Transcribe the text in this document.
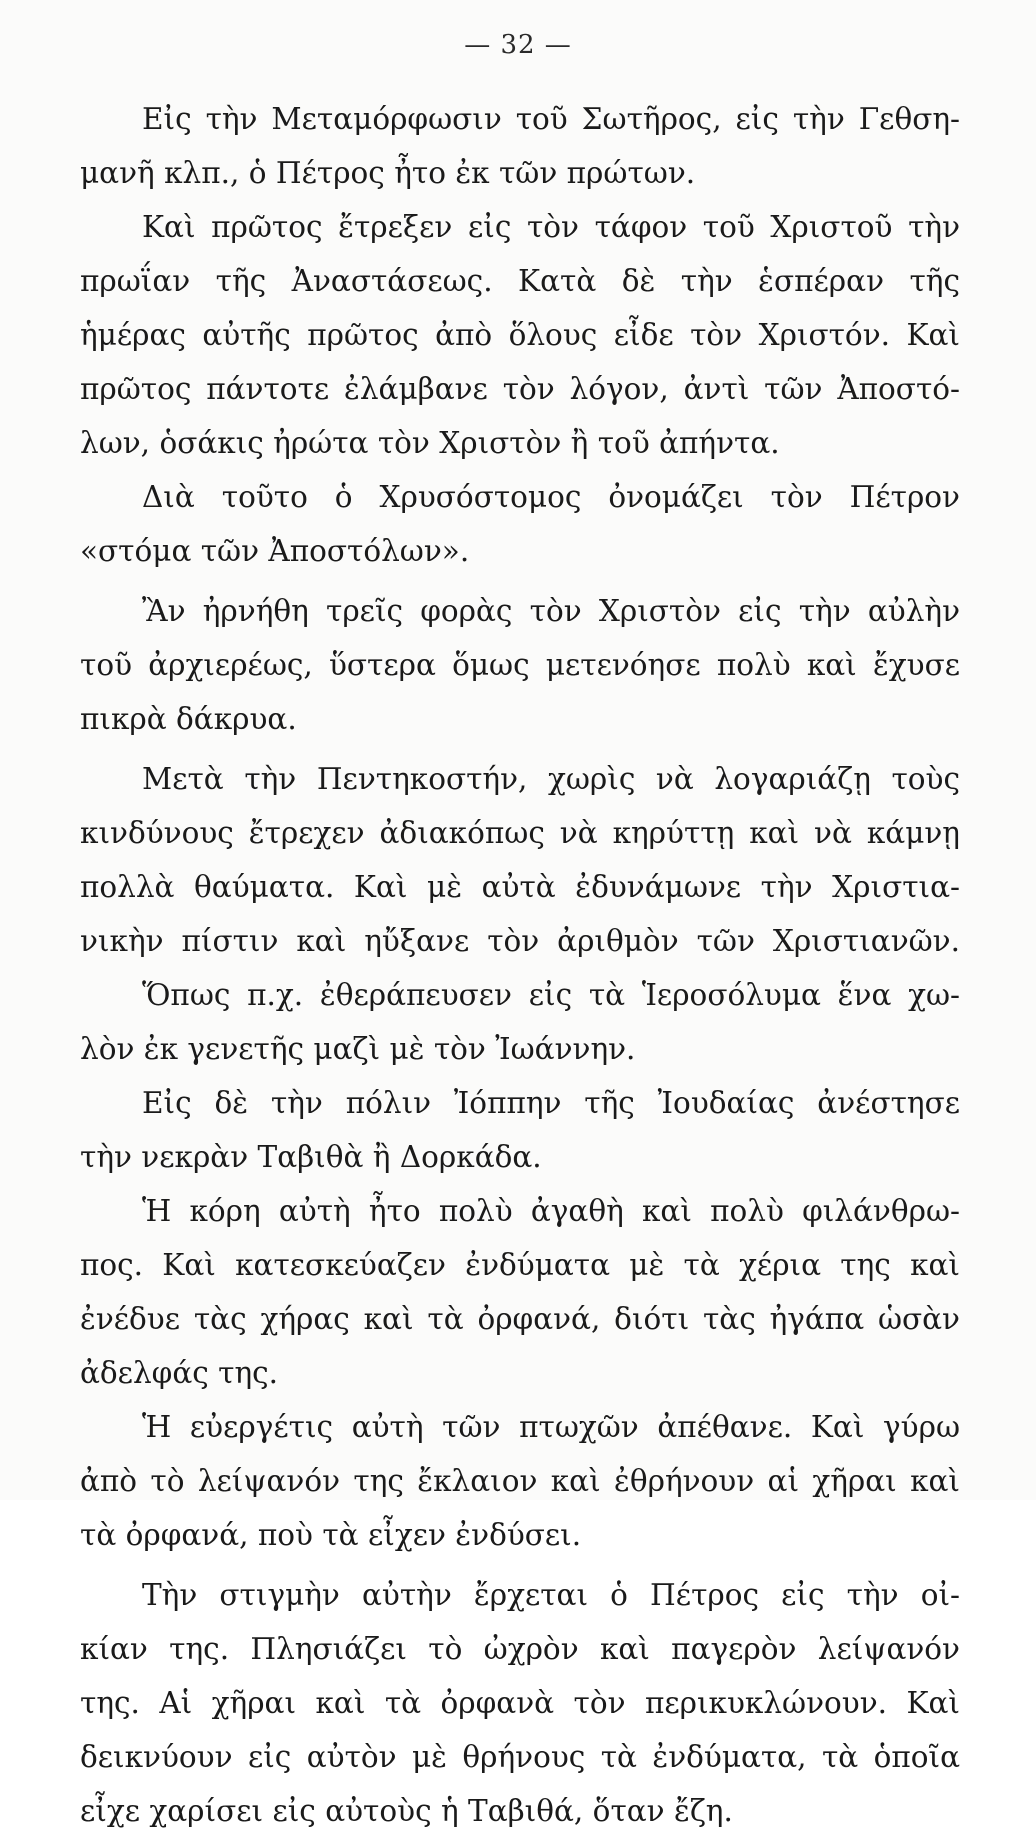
— 32 —
Εἰς τὴν Μεταμόρφωσιν τοῦ Σωτῆρος, εἰς τὴν Γεθση-
μανῆ κλπ., ὁ Πέτρος ἦτο ἐκ τῶν πρώτων.
Καὶ πρῶτος ἔτρεξεν εἰς τὸν τάφον τοῦ Χριστοῦ τὴν
πρωΐαν τῆς Ἀναστάσεως. Κατὰ δὲ τὴν ἑσπέραν τῆς
ἡμέρας αὐτῆς πρῶτος ἀπὸ ὅλους εἶδε τὸν Χριστόν. Καὶ
πρῶτος πάντοτε ἐλάμβανε τὸν λόγον, ἀντὶ τῶν Ἀποστό-
λων, ὁσάκις ἠρώτα τὸν Χριστὸν ἢ τοῦ ἀπήντα.
Διὰ τοῦτο ὁ Χρυσόστομος ὀνομάζει τὸν Πέτρον
«στόμα τῶν Ἀποστόλων».
Ἂν ἠρνήθη τρεῖς φορὰς τὸν Χριστὸν εἰς τὴν αὐλὴν
τοῦ ἀρχιερέως, ὕστερα ὅμως μετενόησε πολὺ καὶ ἔχυσε
πικρὰ δάκρυα.
Μετὰ τὴν Πεντηκοστήν, χωρὶς νὰ λογαριάζῃ τοὺς
κινδύνους ἔτρεχεν ἀδιακόπως νὰ κηρύττῃ καὶ νὰ κάμνῃ
πολλὰ θαύματα. Καὶ μὲ αὐτὰ ἐδυνάμωνε τὴν Χριστια-
νικὴν πίστιν καὶ ηὔξανε τὸν ἀριθμὸν τῶν Χριστιανῶν.
Ὅπως π.χ. ἐθεράπευσεν εἰς τὰ Ἱεροσόλυμα ἕνα χω-
λὸν ἐκ γενετῆς μαζὶ μὲ τὸν Ἰωάννην.
Εἰς δὲ τὴν πόλιν Ἰόππην τῆς Ἰουδαίας ἀνέστησε
τὴν νεκρὰν Ταβιθὰ ἢ Δορκάδα.
Ἡ κόρη αὐτὴ ἦτο πολὺ ἀγαθὴ καὶ πολὺ φιλάνθρω-
πος. Καὶ κατεσκεύαζεν ἐνδύματα μὲ τὰ χέρια της καὶ
ἐνέδυε τὰς χήρας καὶ τὰ ὀρφανά, διότι τὰς ἠγάπα ὡσὰν
ἀδελφάς της.
Ἡ εὐεργέτις αὐτὴ τῶν πτωχῶν ἀπέθανε. Καὶ γύρω
ἀπὸ τὸ λείψανόν της ἔκλαιον καὶ ἐθρήνουν αἱ χῆραι καὶ
τὰ ὀρφανά, ποὺ τὰ εἶχεν ἐνδύσει.
Τὴν στιγμὴν αὐτὴν ἔρχεται ὁ Πέτρος εἰς τὴν οἰ-
κίαν της. Πλησιάζει τὸ ὠχρὸν καὶ παγερὸν λείψανόν
της. Αἱ χῆραι καὶ τὰ ὀρφανὰ τὸν περικυκλώνουν. Καὶ
δεικνύουν εἰς αὐτὸν μὲ θρήνους τὰ ἐνδύματα, τὰ ὁποῖα
εἶχε χαρίσει εἰς αὐτοὺς ἡ Ταβιθά, ὅταν ἔζη.
